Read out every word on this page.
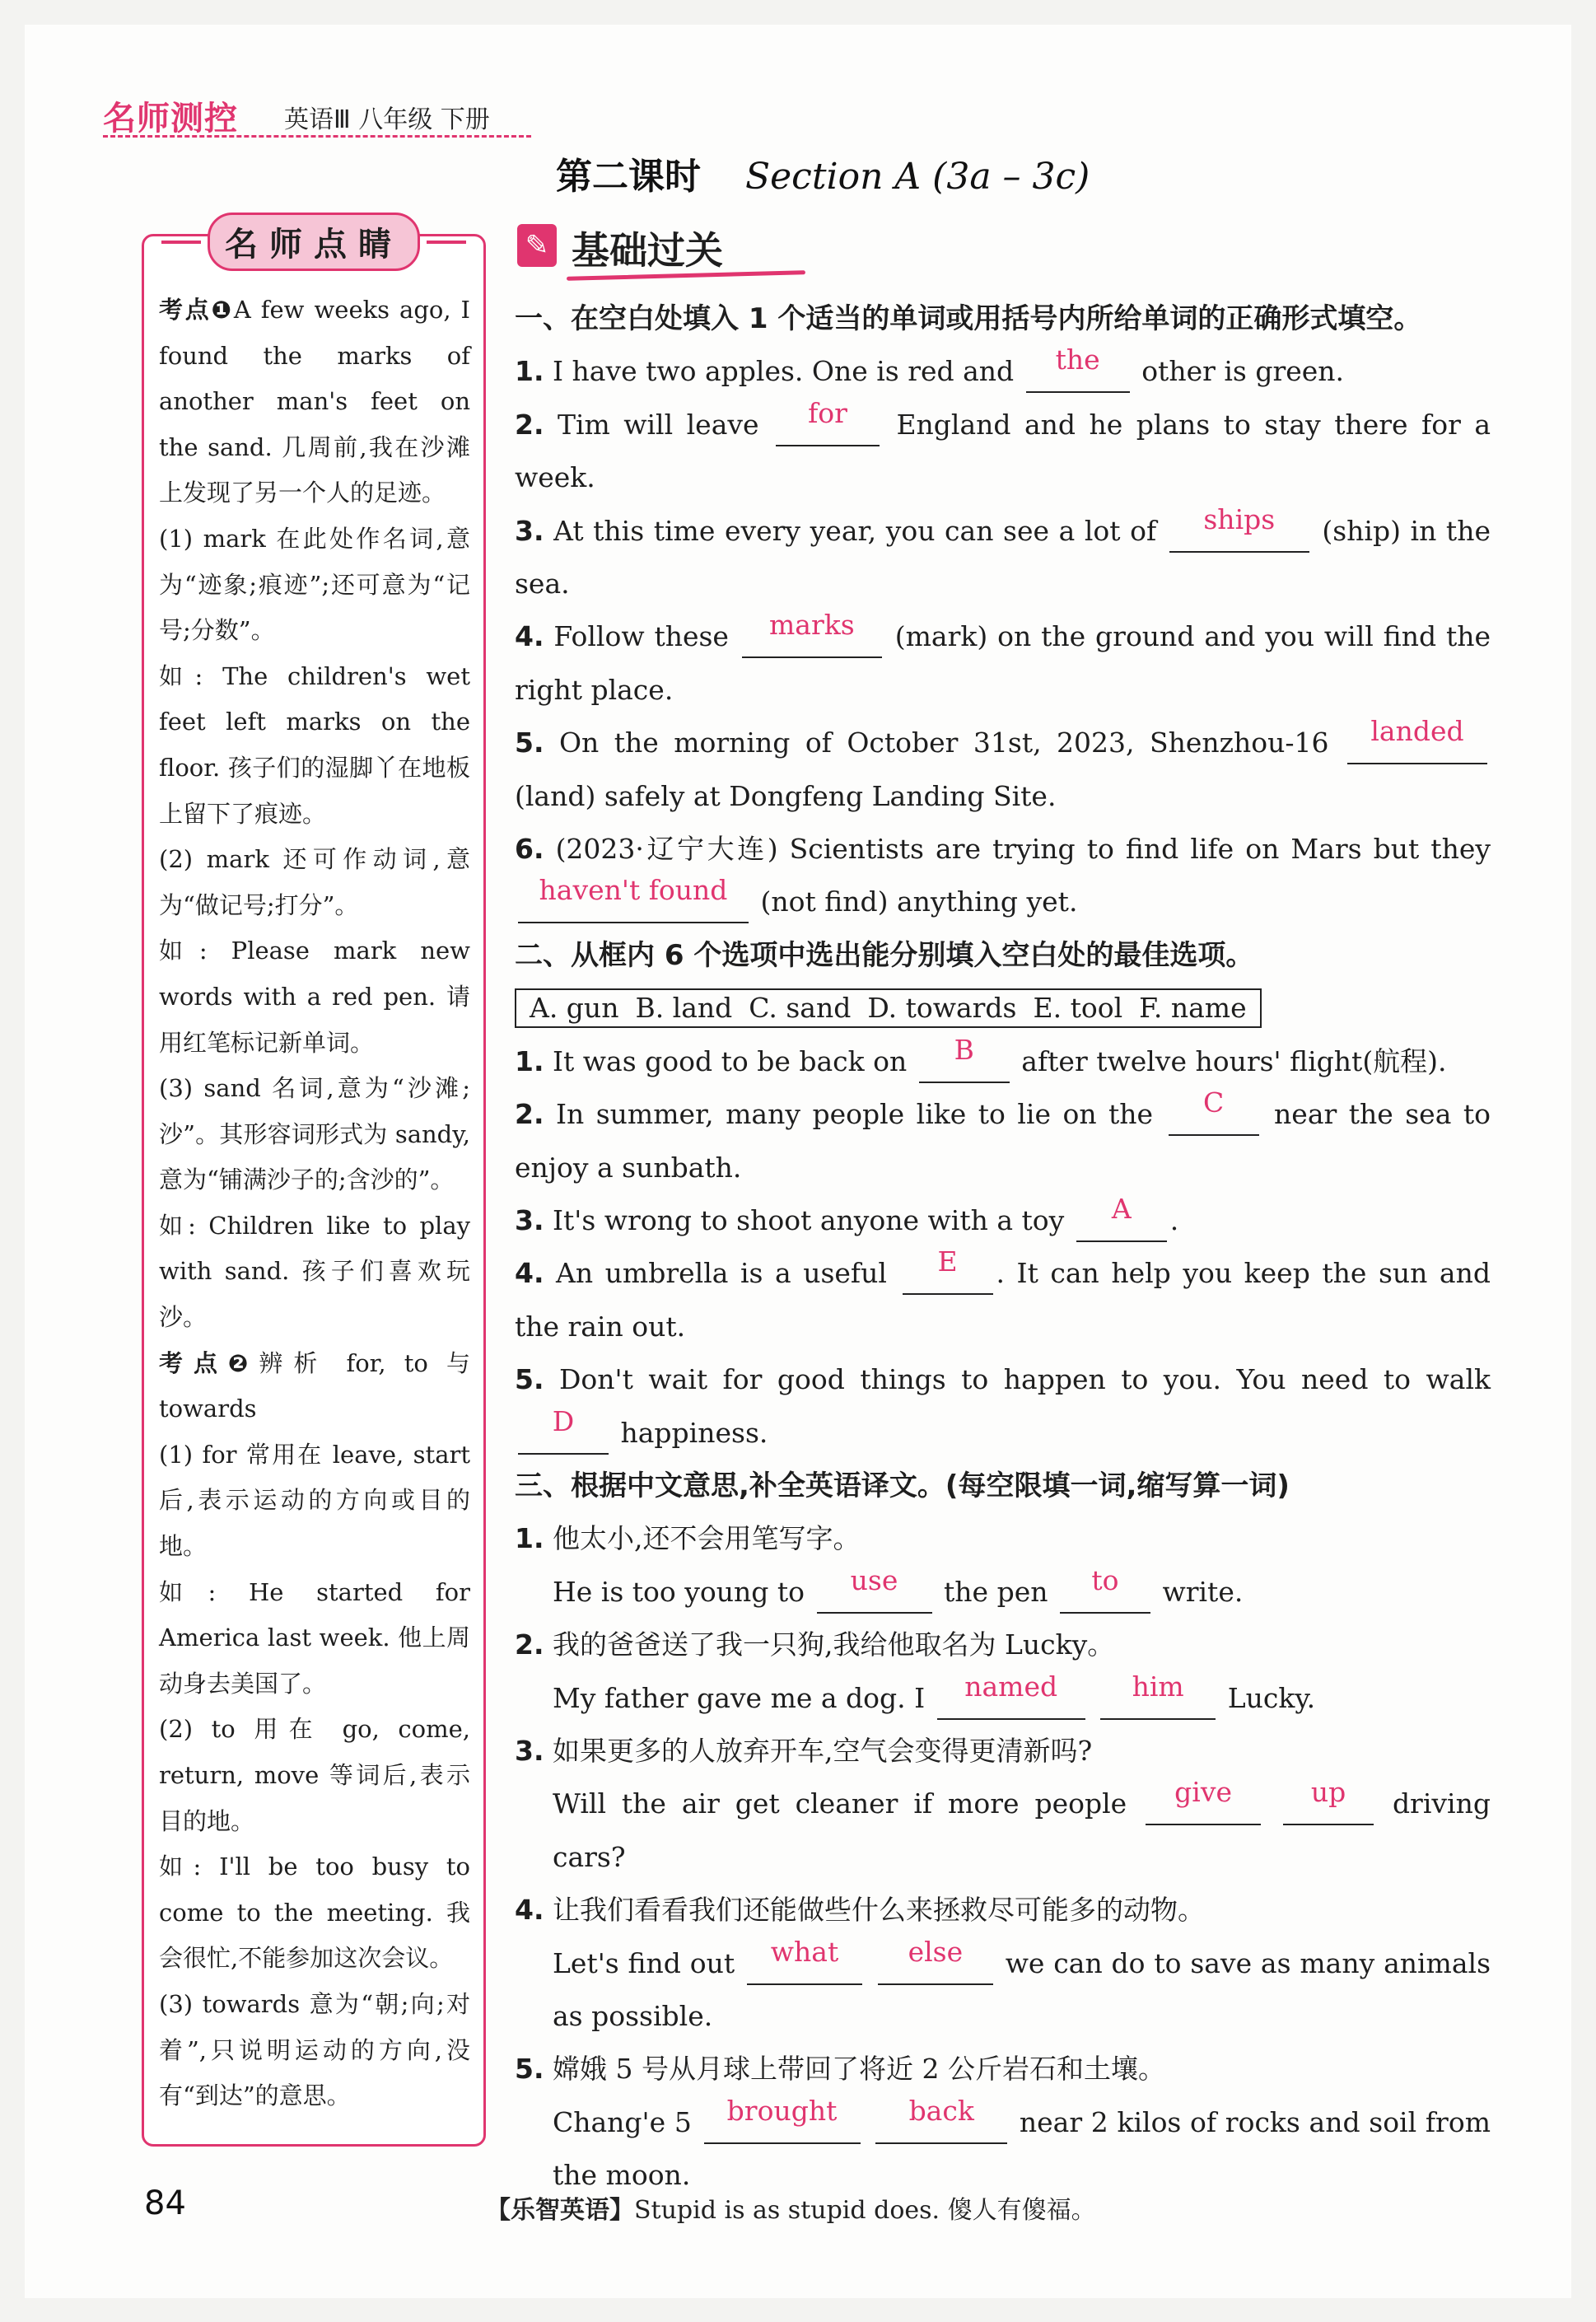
名师测控 英语Ⅲ 八年级 下册
第二课时 Section A (3a – 3c)

考点❶A few weeks ago, I found the marks of another man's feet on the sand. 几周前,我在沙滩上发现了另一个人的足迹。

(1) mark 在此处作名词,意为“迹象;痕迹”;还可意为“记号;分数”。

如: The children's wet feet left marks on the floor. 孩子们的湿脚丫在地板上留下了痕迹。

(2) mark 还可作动词,意为“做记号;打分”。

如: Please mark new words with a red pen. 请用红笔标记新单词。

(3) sand 名词,意为“沙滩;沙”。其形容词形式为 sandy,意为“铺满沙子的;含沙的”。

如: Children like to play with sand. 孩子们喜欢玩沙。

考点❷辨析 for, to 与 towards

(1) for 常用在 leave, start 后,表示运动的方向或目的地。

如: He started for America last week. 他上周动身去美国了。

(2) to 用在 go, come, return, move 等词后,表示目的地。

如: I'll be too busy to come to the meeting. 我会很忙,不能参加这次会议。

(3) towards 意为“朝;向;对着”,只说明运动的方向,没有“到达”的意思。

名师点睛	✎ 基础过关

一、在空白处填入 1 个适当的单词或用括号内所给单词的正确形式填空。

1. I have two apples. One is red and the other is green.

2. Tim will leave for England and he plans to stay there for a week.

3. At this time every year, you can see a lot of ships (ship) in the sea.

4. Follow these marks (mark) on the ground and you will find the right place.

5. On the morning of October 31st, 2023, Shenzhou-16 landed (land) safely at Dongfeng Landing Site.

6. (2023·辽宁大连) Scientists are trying to find life on Mars but they haven't found (not find) anything yet.

二、从框内 6 个选项中选出能分别填入空白处的最佳选项。

A. gun B. land C. sand D. towards E. tool F. name

1. It was good to be back on B after twelve hours' flight(航程).

2. In summer, many people like to lie on the C near the sea to enjoy a sunbath.

3. It's wrong to shoot anyone with a toy A .

4. An umbrella is a useful E . It can help you keep the sun and the rain out.

5. Don't wait for good things to happen to you. You need to walk D happiness.

三、根据中文意思,补全英语译文。(每空限填一词,缩写算一词)

1. 他太小,还不会用笔写字。

He is too young to use the pen to write.

2. 我的爸爸送了我一只狗,我给他取名为 Lucky。

My father gave me a dog. I named	him Lucky.

3. 如果更多的人放弃开车,空气会变得更清新吗?

Will the air get cleaner if more people give	up driving cars?

4. 让我们看看我们还能做些什么来拯救尽可能多的动物。

Let's find out what	else we can do to save as many animals as possible.

5. 嫦娥 5 号从月球上带回了将近 2 公斤岩石和土壤。

Chang'e 5 brought	back near 2 kilos of rocks and soil from the moon.

84	【乐智英语】Stupid is as stupid does. 傻人有傻福。
